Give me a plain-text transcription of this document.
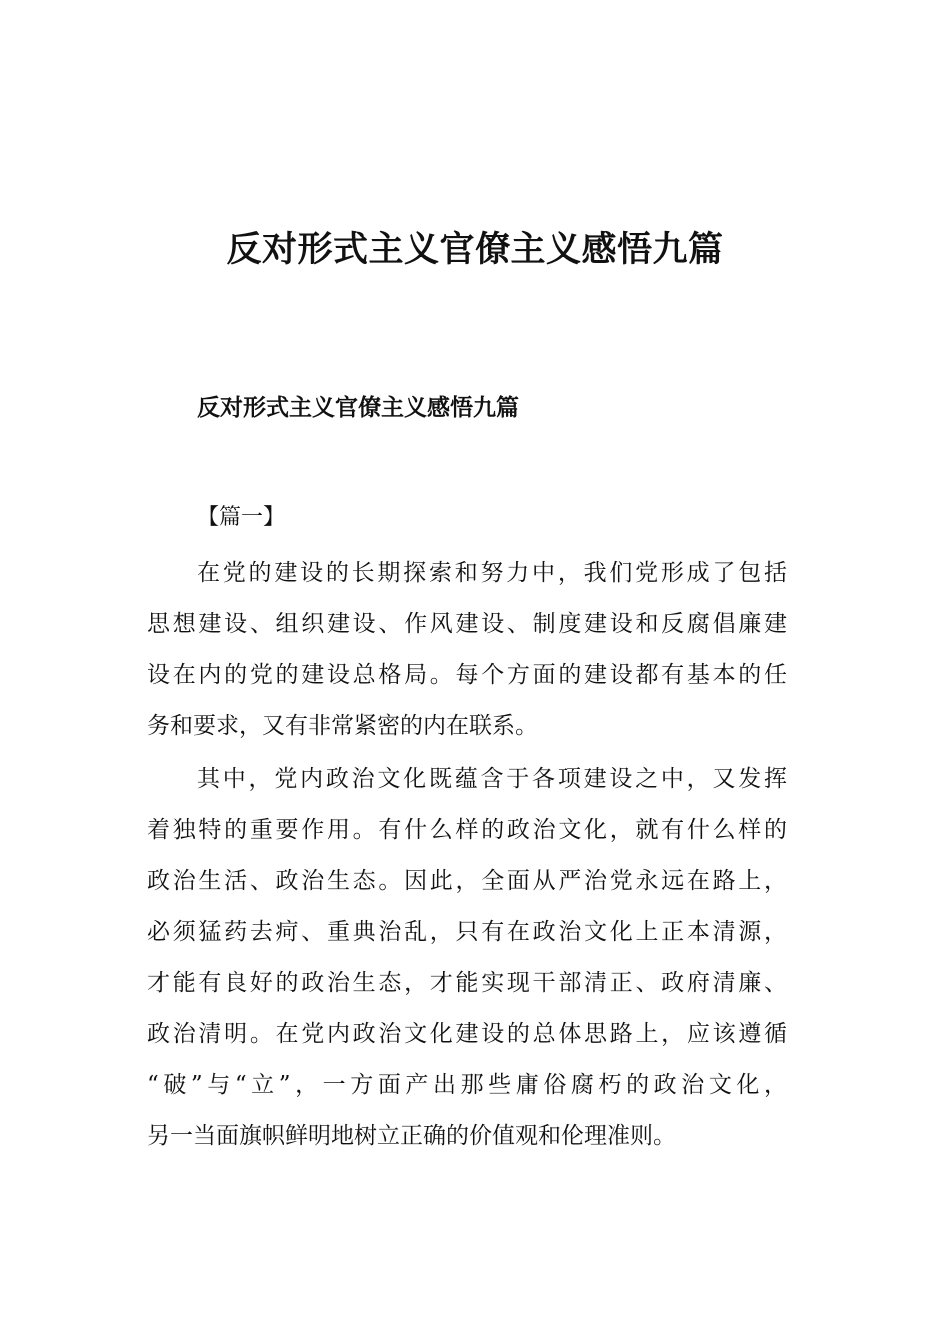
反对形式主义官僚主义感悟九篇
反对形式主义官僚主义感悟九篇

【篇一】

在党的建设的长期探索和努力中，我们党形成了包括
思想建设、组织建设、作风建设、制度建设和反腐倡廉建
设在内的党的建设总格局。每个方面的建设都有基本的任
务和要求，又有非常紧密的内在联系。

其中，党内政治文化既蕴含于各项建设之中，又发挥
着独特的重要作用。有什么样的政治文化，就有什么样的
政治生活、政治生态。因此，全面从严治党永远在路上，
必须猛药去疴、重典治乱，只有在政治文化上正本清源，
才能有良好的政治生态，才能实现干部清正、政府清廉、
政治清明。在党内政治文化建设的总体思路上，应该遵循
“破”与“立”，一方面产出那些庸俗腐朽的政治文化，
另一当面旗帜鲜明地树立正确的价值观和伦理准则。
